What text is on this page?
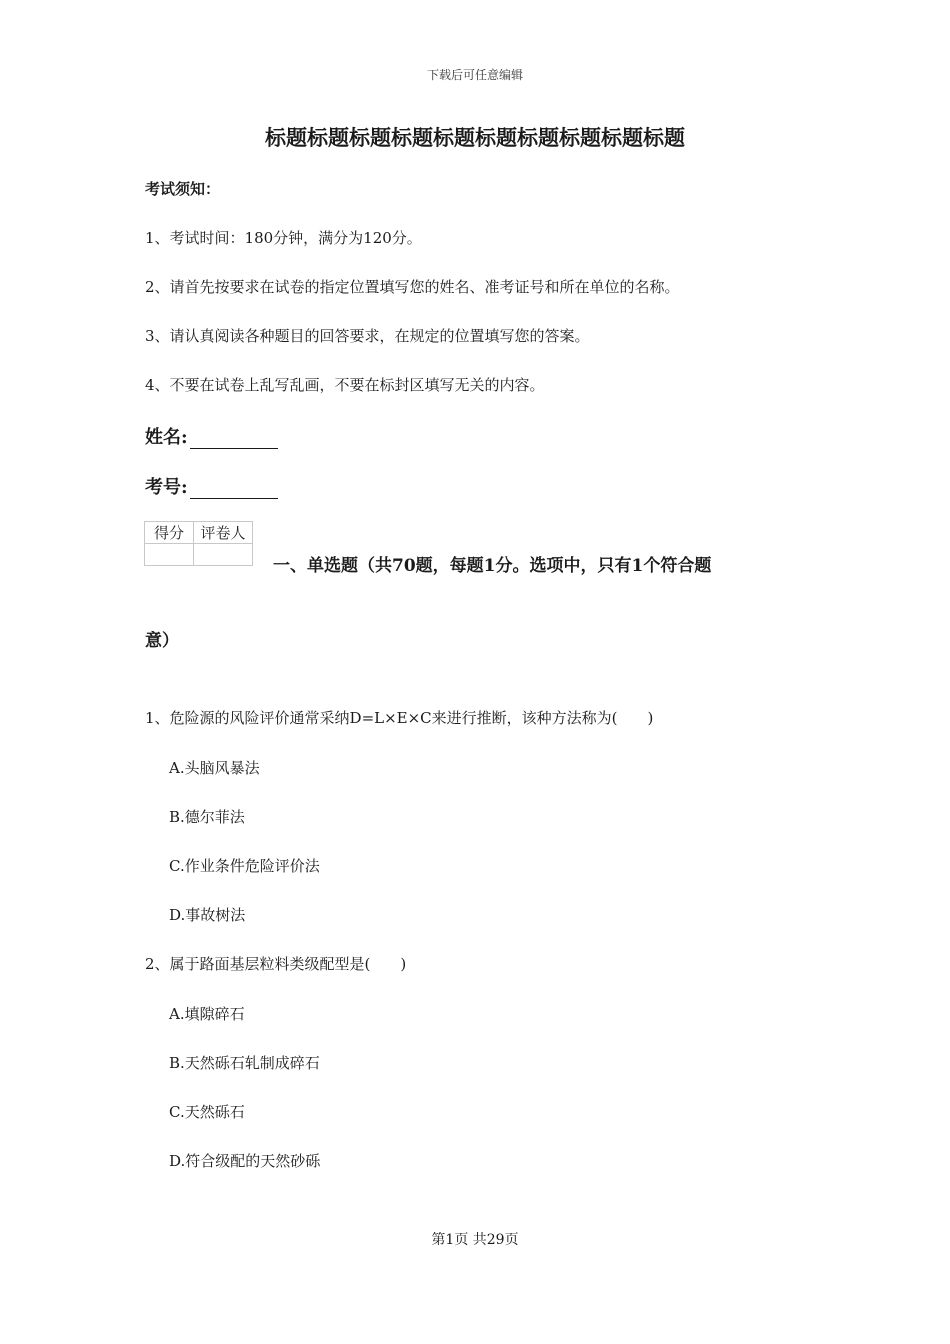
下载后可任意编辑
标题标题标题标题标题标题标题标题标题标题
考试须知：
1、考试时间：180分钟，满分为120分。
2、请首先按要求在试卷的指定位置填写您的姓名、准考证号和所在单位的名称。
3、请认真阅读各种题目的回答要求，在规定的位置填写您的答案。
4、不要在试卷上乱写乱画，不要在标封区填写无关的内容。
姓名:
考号:
得分	评卷人

一、单选题（共70题，每题1分。选项中，只有1个符合题
意）
1、危险源的风险评价通常采纳D=L×E×C来进行推断，该种方法称为(　　)
A.头脑风暴法
B.德尔菲法
C.作业条件危险评价法
D.事故树法
2、属于路面基层粒料类级配型是(　　)
A.填隙碎石
B.天然砾石轧制成碎石
C.天然砾石
D.符合级配的天然砂砾
第1页 共29页
